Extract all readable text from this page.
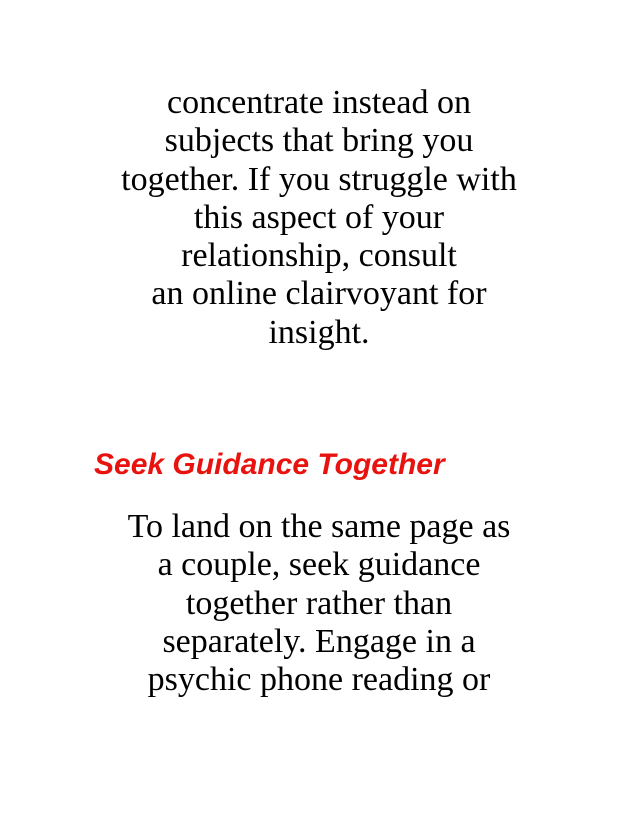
concentrate instead on
subjects that bring you
together. If you struggle with
this aspect of your
relationship, consult
an online clairvoyant for
insight.

Seek Guidance Together

To land on the same page as
a couple, seek guidance
together rather than
separately. Engage in a
psychic phone reading or
